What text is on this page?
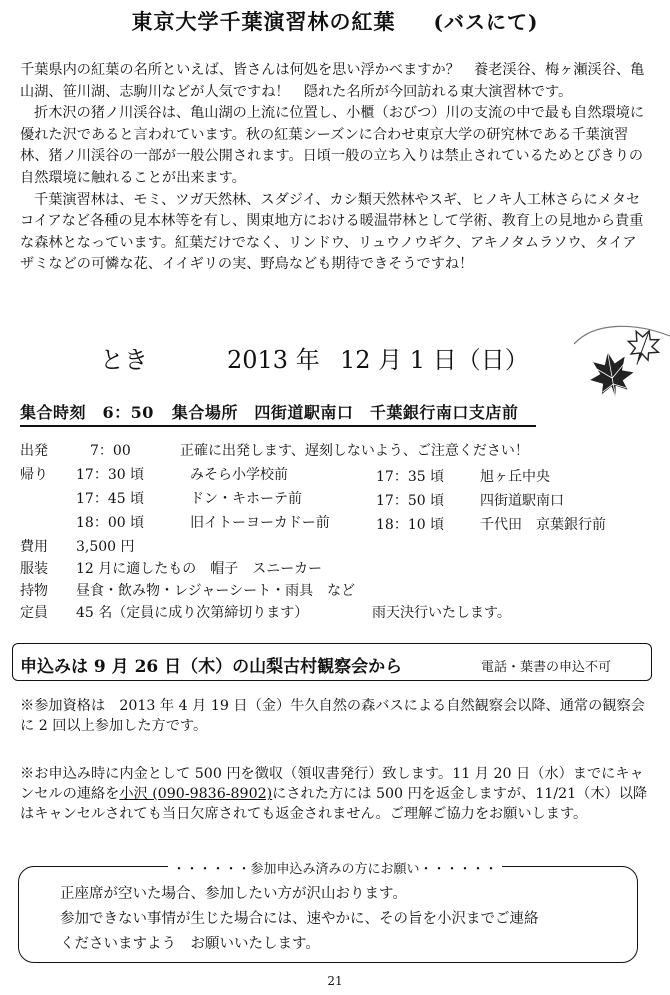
東京大学千葉演習林の紅葉 (バスにて)

千葉県内の紅葉の名所といえば、皆さんは何処を思い浮かべますか？　養老渓谷、梅ヶ瀬渓谷、亀山湖、笹川湖、志駒川などが人気ですね！　隠れた名所が今回訪れる東大演習林です。

折木沢の猪ノ川渓谷は、亀山湖の上流に位置し、小櫃（おびつ）川の支流の中で最も自然環境に優れた沢であると言われています。秋の紅葉シーズンに合わせ東京大学の研究林である千葉演習林、猪ノ川渓谷の一部が一般公開されます。日頃一般の立ち入りは禁止されているためとびきりの自然環境に触れることが出来ます。

千葉演習林は、モミ、ツガ天然林、スダジイ、カシ類天然林やスギ、ヒノキ人工林さらにメタセコイアなど各種の見本林等を有し、関東地方における暖温帯林として学術、教育上の見地から貴重な森林となっています。紅葉だけでなく、リンドウ、リュウノウギク、アキノタムラソウ、タイアザミなどの可憐な花、イイギリの実、野鳥なども期待できそうですね！

とき	2013 年 12 月 1 日（日）
集合時刻　6：50 集合場所　四街道駅南口　千葉銀行南口支店前
出発	7：00	正確に出発します、遅刻しないよう、ご注意ください！
帰り 17：30 頃	みそら小学校前	17：35 頃	旭ヶ丘中央
17：45 頃	ドン・キホーテ前	17：50 頃	四街道駅南口
18：00 頃	旧イトーヨーカドー前	18：10 頃	千代田　京葉銀行前
費用 3,500 円
服装 12 月に適したもの　帽子　スニーカー
持物 昼食・飲み物・レジャーシート・雨具　など
定員 45 名（定員に成り次第締切ります）	雨天決行いたします。
申込みは 9 月 26 日（木）の山梨古村観察会から	電話・葉書の申込不可

※参加資格は　2013 年 4 月 19 日（金）牛久自然の森バスによる自然観察会以降、通常の観察会に 2 回以上参加した方です。

※お申込み時に内金として 500 円を徴収（領収書発行）致します。11 月 20 日（水）までにキャンセルの連絡を小沢 (090-9836-8902)にされた方には 500 円を返金しますが、11/21（木）以降はキャンセルされても当日欠席されても返金されません。ご理解ご協力をお願いします。

・・・・・・参加申込み済みの方にお願い・・・・・・
正座席が空いた場合、参加したい方が沢山おります。
参加できない事情が生じた場合には、速やかに、その旨を小沢までご連絡
くださいますよう　お願いいたします。
21
